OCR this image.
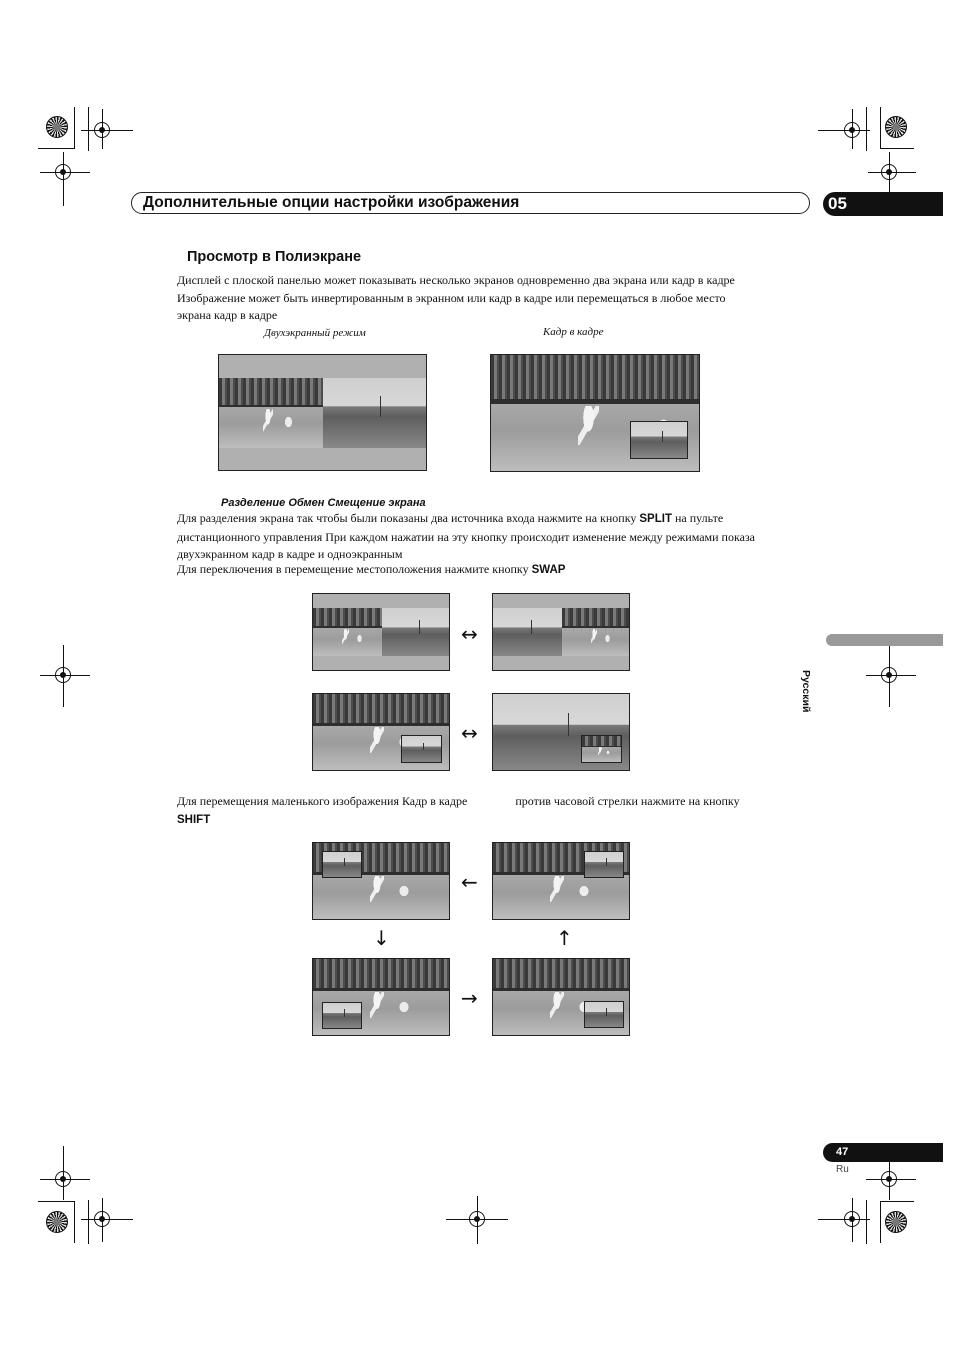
Дополнительные опции настройки изображения	05
Просмотр в Полиэкране
Дисплей с плоской панелью может показывать несколько экранов одновременно два экрана или кадр в кадре
Изображение может быть инвертированным в экранном или кадр в кадре или перемещаться в любое место
экрана кадр в кадре
Двухэкранный режим	Кадр в кадре
Разделение Обмен Смещение экрана
Для разделения экрана так чтобы были показаны два источника входа нажмите на кнопку SPLIT на пульте
дистанционного управления При каждом нажатии на эту кнопку происходит изменение между режимами показа
двухэкранном кадр в кадре и одноэкранным
Для переключения в перемещение местоположения нажмите кнопку SWAP
↔
↔
Для перемещения маленького изображения Кадр в кадре	против часовой стрелки нажмите на кнопку
SHIFT
←
↓	↑
→
Русский
47
Ru
